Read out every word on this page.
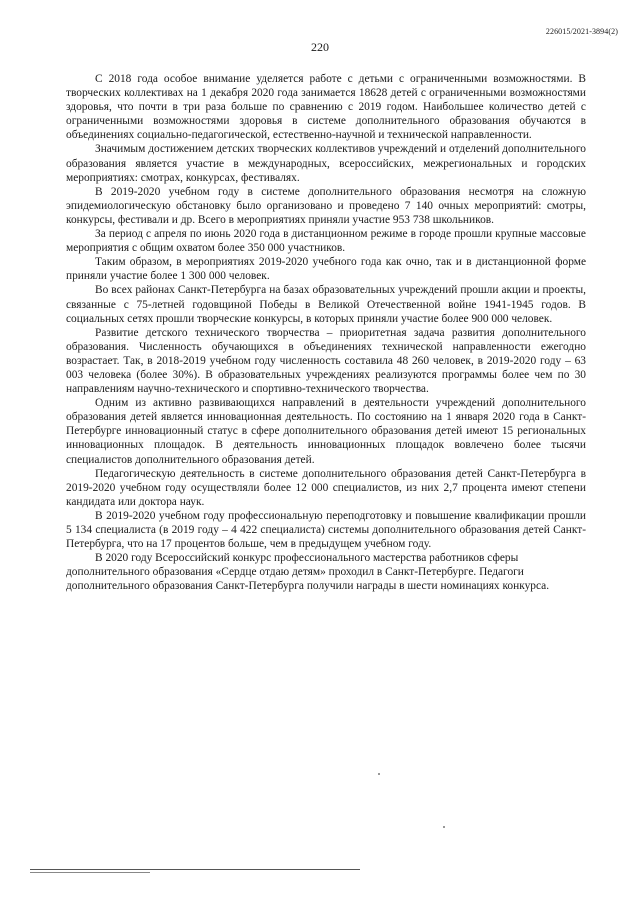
226015/2021-3894(2)
220

С 2018 года особое внимание уделяется работе с детьми с ограниченными возможностями. В творческих коллективах на 1 декабря 2020 года занимается 18628 детей с ограниченными возможностями здоровья, что почти в три раза больше по сравнению с 2019 годом. Наибольшее количество детей с ограниченными возможностями здоровья в системе дополнительного образования обучаются в объединениях социально-педагогической, естественно-научной и технической направленности.

Значимым достижением детских творческих коллективов учреждений и отделений дополнительного образования является участие в международных, всероссийских, межрегиональных и городских мероприятиях: смотрах, конкурсах, фестивалях.

В 2019-2020 учебном году в системе дополнительного образования несмотря на сложную эпидемиологическую обстановку было организовано и проведено 7 140 очных мероприятий: смотры, конкурсы, фестивали и др. Всего в мероприятиях приняли участие 953 738 школьников.

За период с апреля по июнь 2020 года в дистанционном режиме в городе прошли крупные массовые мероприятия с общим охватом более 350 000 участников.

Таким образом, в мероприятиях 2019-2020 учебного года как очно, так и в дистанционной форме приняли участие более 1 300 000 человек.

Во всех районах Санкт-Петербурга на базах образовательных учреждений прошли акции и проекты, связанные с 75-летней годовщиной Победы в Великой Отечественной войне 1941-1945 годов. В социальных сетях прошли творческие конкурсы, в которых приняли участие более 900 000 человек.

Развитие детского технического творчества – приоритетная задача развития дополнительного образования. Численность обучающихся в объединениях технической направленности ежегодно возрастает. Так, в 2018-2019 учебном году численность составила 48 260 человек, в 2019-2020 году – 63 003 человека (более 30%). В образовательных учреждениях реализуются программы более чем по 30 направлениям научно-технического и спортивно-технического творчества.

Одним из активно развивающихся направлений в деятельности учреждений дополнительного образования детей является инновационная деятельность. По состоянию на 1 января 2020 года в Санкт-Петербурге инновационный статус в сфере дополнительного образования детей имеют 15 региональных инновационных площадок. В деятельность инновационных площадок вовлечено более тысячи специалистов дополнительного образования детей.

Педагогическую деятельность в системе дополнительного образования детей Санкт-Петербурга в 2019-2020 учебном году осуществляли более 12 000 специалистов, из них 2,7 процента имеют степени кандидата или доктора наук.

В 2019-2020 учебном году профессиональную переподготовку и повышение квалификации прошли 5 134 специалиста (в 2019 году – 4 422 специалиста) системы дополнительного образования детей Санкт-Петербурга, что на 17 процентов больше, чем в предыдущем учебном году.

В 2020 году Всероссийский конкурс профессионального мастерства работников сферы дополнительного образования «Сердце отдаю детям» проходил в Санкт-Петербурге. Педагоги дополнительного образования Санкт-Петербурга получили награды в шести номинациях конкурса.
